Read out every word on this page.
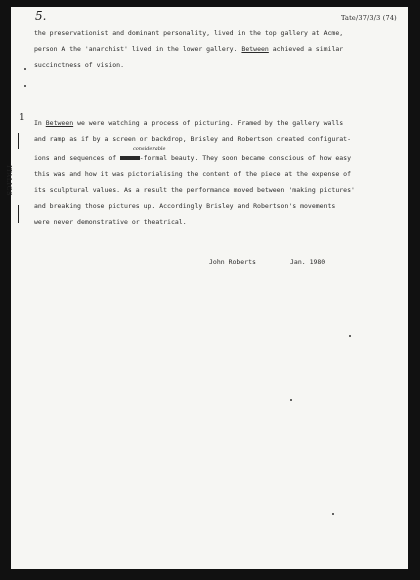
5.	Tate/37/3/3 (74)
the preservationist and dominant personality, lived in the top gallery at Acme,
person A the 'anarchist' lived in the lower gallery. Between achieved a similar
succinctness of vision.
1
ITALICS
In Between we were watching a process of picturing. Framed by the gallery walls
and ramp as if by a screen or backdrop, Brisley and Robertson created configurat-
considerable
ions and sequences of xxxxx-formal beauty. They soon became conscious of how easy
this was and how it was pictorialising the content of the piece at the expense of
its sculptural values. As a result the performance moved between 'making pictures'
and breaking those pictures up. Accordingly Brisley and Robertson's movements
were never demonstrative or theatrical.
John Roberts	Jan. 1980
